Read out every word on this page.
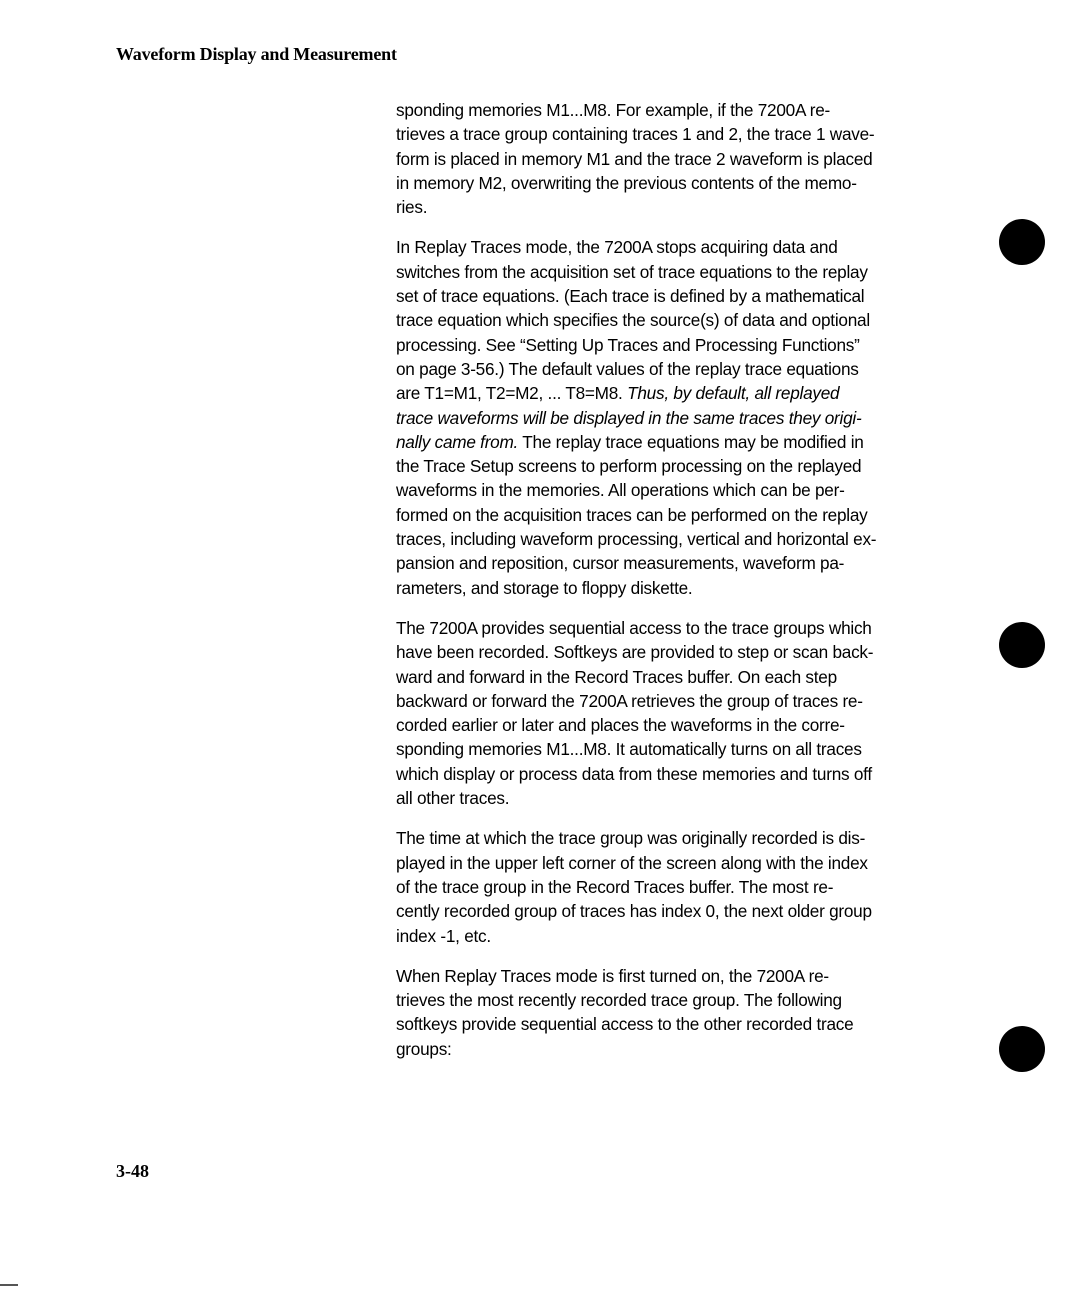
Waveform Display and Measurement

sponding memories M1...M8. For example, if the 7200A re-
trieves a trace group containing traces 1 and 2, the trace 1 wave-
form is placed in memory M1 and the trace 2 waveform is placed
in memory M2, overwriting the previous contents of the memo-
ries.

In Replay Traces mode, the 7200A stops acquiring data and
switches from the acquisition set of trace equations to the replay
set of trace equations. (Each trace is defined by a mathematical
trace equation which specifies the source(s) of data and optional
processing. See “Setting Up Traces and Processing Functions”
on page 3-56.) The default values of the replay trace equations
are T1=M1, T2=M2, ... T8=M8. Thus, by default, all replayed
trace waveforms will be displayed in the same traces they origi-
nally came from. The replay trace equations may be modified in
the Trace Setup screens to perform processing on the replayed
waveforms in the memories. All operations which can be per-
formed on the acquisition traces can be performed on the replay
traces, including waveform processing, vertical and horizontal ex-
pansion and reposition, cursor measurements, waveform pa-
rameters, and storage to floppy diskette.

The 7200A provides sequential access to the trace groups which
have been recorded. Softkeys are provided to step or scan back-
ward and forward in the Record Traces buffer. On each step
backward or forward the 7200A retrieves the group of traces re-
corded earlier or later and places the waveforms in the corre-
sponding memories M1...M8. It automatically turns on all traces
which display or process data from these memories and turns off
all other traces.

The time at which the trace group was originally recorded is dis-
played in the upper left corner of the screen along with the index
of the trace group in the Record Traces buffer. The most re-
cently recorded group of traces has index 0, the next older group
index -1, etc.

When Replay Traces mode is first turned on, the 7200A re-
trieves the most recently recorded trace group. The following
softkeys provide sequential access to the other recorded trace
groups:

3-48
